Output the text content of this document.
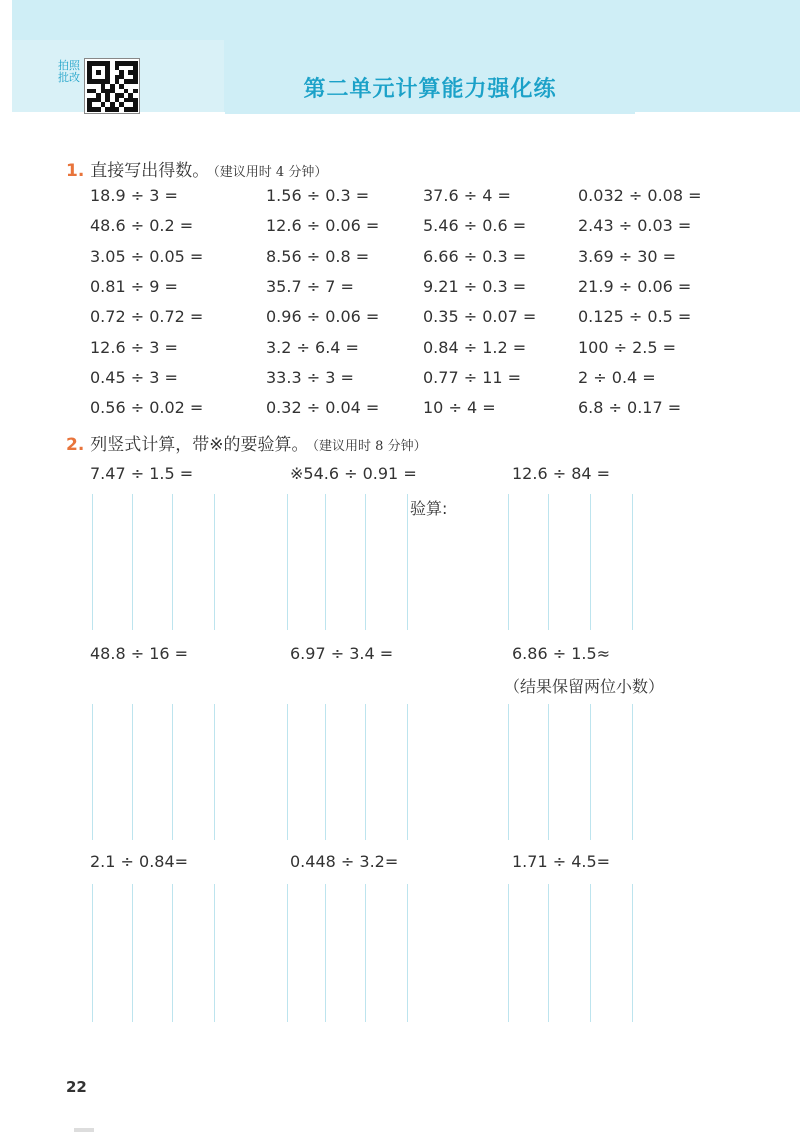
第二单元计算能力强化练
拍照批改
1. 直接写出得数。 （建议用时 4 分钟）
18.9 ÷ 3 =	1.56 ÷ 0.3 =	37.6 ÷ 4 =	0.032 ÷ 0.08 =
48.6 ÷ 0.2 =	12.6 ÷ 0.06 =	5.46 ÷ 0.6 =	2.43 ÷ 0.03 =
3.05 ÷ 0.05 =	8.56 ÷ 0.8 =	6.66 ÷ 0.3 =	3.69 ÷ 30 =
0.81 ÷ 9 =	35.7 ÷ 7 =	9.21 ÷ 0.3 =	21.9 ÷ 0.06 =
0.72 ÷ 0.72 =	0.96 ÷ 0.06 =	0.35 ÷ 0.07 =	0.125 ÷ 0.5 =
12.6 ÷ 3 =	3.2 ÷ 6.4 =	0.84 ÷ 1.2 =	100 ÷ 2.5 =
0.45 ÷ 3 =	33.3 ÷ 3 =	0.77 ÷ 11 =	2 ÷ 0.4 =
0.56 ÷ 0.02 =	0.32 ÷ 0.04 =	10 ÷ 4 =	6.8 ÷ 0.17 =
2. 列竖式计算，带※的要验算。 （建议用时 8 分钟）
7.47 ÷ 1.5 =	※54.6 ÷ 0.91 =	12.6 ÷ 84 =
48.8 ÷ 16 =	6.97 ÷ 3.4 =	6.86 ÷ 1.5≈
2.1 ÷ 0.84=	0.448 ÷ 3.2=	1.71 ÷ 4.5=
验算:
（结果保留两位小数）
22
